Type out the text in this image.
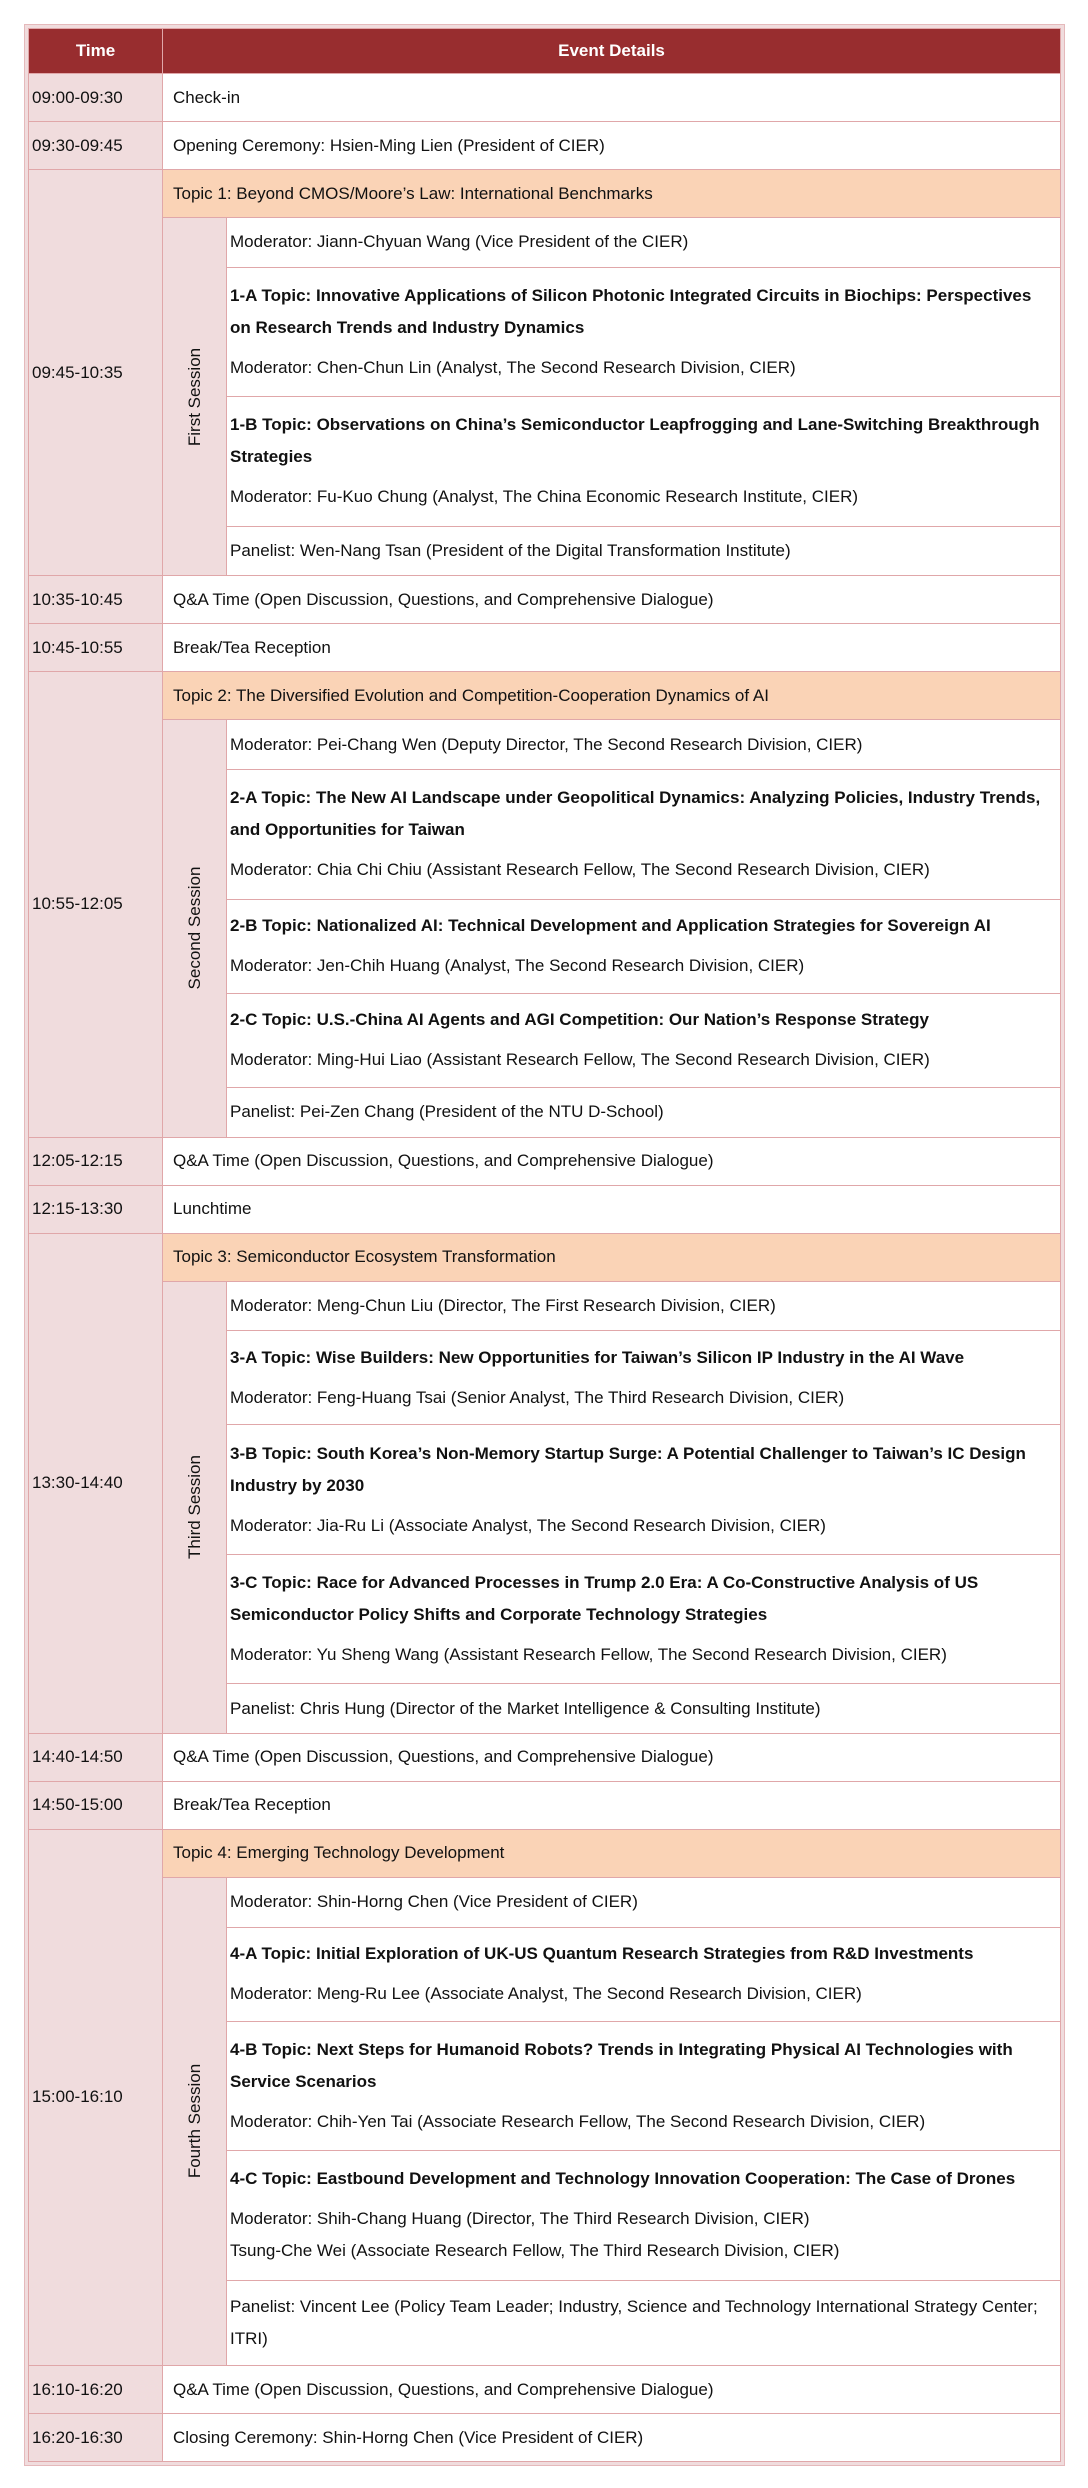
Time	Event Details	
09:00-09:30	Check-in	
09:30-09:45	Opening Ceremony: Hsien-Ming Lien (President of CIER)	
09:45-10:35	Topic 1: Beyond CMOS/Moore’s Law: International Benchmarks	

	First Session	Moderator: Jiann-Chyuan Wang (Vice President of the CIER)

		1-A Topic: Innovative Applications of Silicon Photonic Integrated Circuits in Biochips: Perspectives on Research Trends and Industry Dynamics
Moderator: Chen-Chun Lin (Analyst, The Second Research Division, CIER)

		1-B Topic: Observations on China’s Semiconductor Leapfrogging and Lane-Switching Breakthrough Strategies
Moderator: Fu-Kuo Chung (Analyst, The China Economic Research Institute, CIER)

		Panelist: Wen-Nang Tsan (President of the Digital Transformation Institute)

10:35-10:45	Q&A Time (Open Discussion, Questions, and Comprehensive Dialogue)	
10:45-10:55	Break/Tea Reception	
10:55-12:05	Topic 2: The Diversified Evolution and Competition-Cooperation Dynamics of AI	

	Second Session	Moderator: Pei-Chang Wen (Deputy Director, The Second Research Division, CIER)

		2-A Topic: The New AI Landscape under Geopolitical Dynamics: Analyzing Policies, Industry Trends, and Opportunities for Taiwan
Moderator: Chia Chi Chiu (Assistant Research Fellow, The Second Research Division, CIER)

		2-B Topic: Nationalized AI: Technical Development and Application Strategies for Sovereign AI
Moderator: Jen-Chih Huang (Analyst, The Second Research Division, CIER)

		2-C Topic: U.S.-China AI Agents and AGI Competition: Our Nation’s Response Strategy
Moderator: Ming-Hui Liao (Assistant Research Fellow, The Second Research Division, CIER)

		Panelist: Pei-Zen Chang (President of the NTU D-School)

12:05-12:15	Q&A Time (Open Discussion, Questions, and Comprehensive Dialogue)	
12:15-13:30	Lunchtime	
13:30-14:40	Topic 3: Semiconductor Ecosystem Transformation	

	Third Session	Moderator: Meng-Chun Liu (Director, The First Research Division, CIER)

		3-A Topic: Wise Builders: New Opportunities for Taiwan’s Silicon IP Industry in the AI Wave
Moderator: Feng-Huang Tsai (Senior Analyst, The Third Research Division, CIER)

		3-B Topic: South Korea’s Non-Memory Startup Surge: A Potential Challenger to Taiwan’s IC Design Industry by 2030
Moderator: Jia-Ru Li (Associate Analyst, The Second Research Division, CIER)

		3-C Topic: Race for Advanced Processes in Trump 2.0 Era: A Co-Constructive Analysis of US Semiconductor Policy Shifts and Corporate Technology Strategies
Moderator: Yu Sheng Wang (Assistant Research Fellow, The Second Research Division, CIER)

		Panelist: Chris Hung (Director of the Market Intelligence & Consulting Institute)

14:40-14:50	Q&A Time (Open Discussion, Questions, and Comprehensive Dialogue)	
14:50-15:00	Break/Tea Reception	
15:00-16:10	Topic 4: Emerging Technology Development	

	Fourth Session	Moderator: Shin-Horng Chen (Vice President of CIER)

		4-A Topic: Initial Exploration of UK-US Quantum Research Strategies from R&D Investments
Moderator: Meng-Ru Lee (Associate Analyst, The Second Research Division, CIER)

		4-B Topic: Next Steps for Humanoid Robots? Trends in Integrating Physical AI Technologies with Service Scenarios
Moderator: Chih-Yen Tai (Associate Research Fellow, The Second Research Division, CIER)

		4-C Topic: Eastbound Development and Technology Innovation Cooperation: The Case of Drones
Moderator: Shih-Chang Huang (Director, The Third Research Division, CIER)
Tsung-Che Wei (Associate Research Fellow, The Third Research Division, CIER)

		Panelist: Vincent Lee (Policy Team Leader; Industry, Science and Technology International Strategy Center; ITRI)

16:10-16:20	Q&A Time (Open Discussion, Questions, and Comprehensive Dialogue)	
16:20-16:30	Closing Ceremony: Shin-Horng Chen (Vice President of CIER)	
